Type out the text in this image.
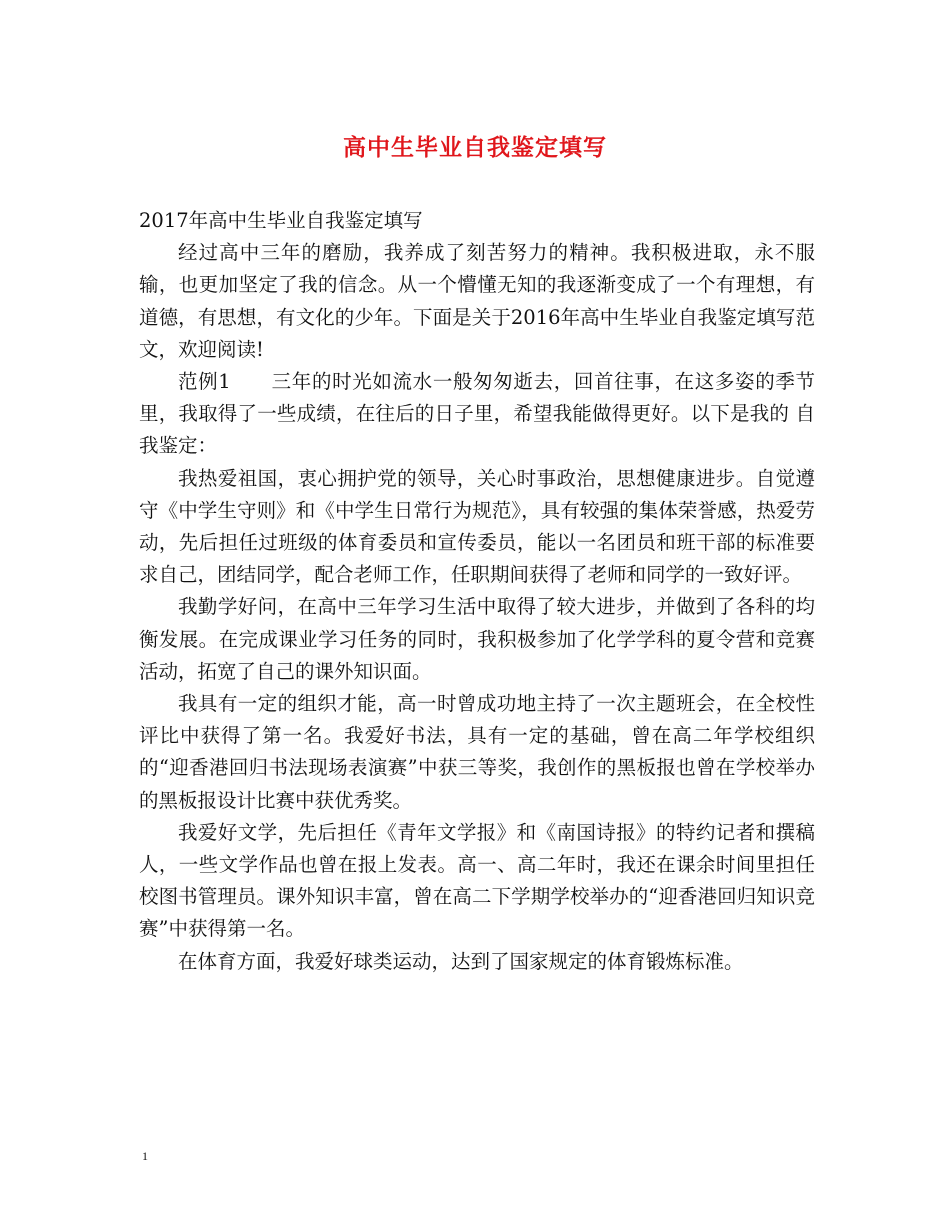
高中生毕业自我鉴定填写

2017年高中生毕业自我鉴定填写

经过高中三年的磨励，我养成了刻苦努力的精神。我积极进取，永不服输，也更加坚定了我的信念。从一个懵懂无知的我逐渐变成了一个有理想，有道德，有思想，有文化的少年。下面是关于2016年高中生毕业自我鉴定填写范文，欢迎阅读!

范例1　　三年的时光如流水一般匆匆逝去，回首往事，在这多姿的季节里，我取得了一些成绩，在往后的日子里，希望我能做得更好。以下是我的 自我鉴定：

我热爱祖国，衷心拥护党的领导，关心时事政治，思想健康进步。自觉遵守《中学生守则》和《中学生日常行为规范》，具有较强的集体荣誉感，热爱劳动，先后担任过班级的体育委员和宣传委员，能以一名团员和班干部的标准要求自己，团结同学，配合老师工作，任职期间获得了老师和同学的一致好评。

我勤学好问，在高中三年学习生活中取得了较大进步，并做到了各科的均衡发展。在完成课业学习任务的同时，我积极参加了化学学科的夏令营和竞赛活动，拓宽了自己的课外知识面。

我具有一定的组织才能，高一时曾成功地主持了一次主题班会，在全校性评比中获得了第一名。我爱好书法，具有一定的基础，曾在高二年学校组织的“迎香港回归书法现场表演赛”中获三等奖，我创作的黑板报也曾在学校举办的黑板报设计比赛中获优秀奖。

我爱好文学，先后担任《青年文学报》和《南国诗报》的特约记者和撰稿人，一些文学作品也曾在报上发表。高一、高二年时，我还在课余时间里担任校图书管理员。课外知识丰富，曾在高二下学期学校举办的“迎香港回归知识竞赛”中获得第一名。

在体育方面，我爱好球类运动，达到了国家规定的体育锻炼标准。

1
